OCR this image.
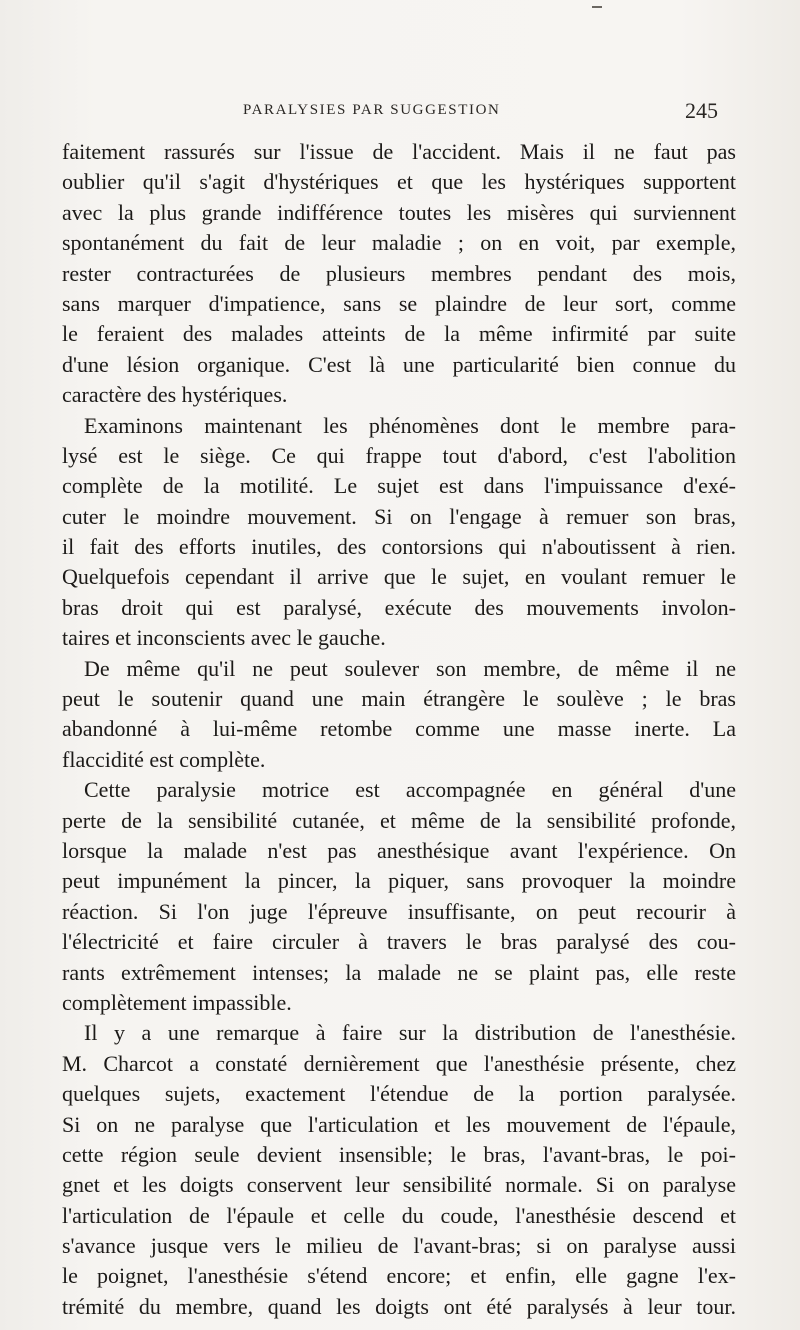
PARALYSIES PAR SUGGESTION	245
faitement rassurés sur l'issue de l'accident. Mais il ne faut pas
oublier qu'il s'agit d'hystériques et que les hystériques supportent
avec la plus grande indifférence toutes les misères qui surviennent
spontanément du fait de leur maladie ; on en voit, par exemple,
rester contracturées de plusieurs membres pendant des mois,
sans marquer d'impatience, sans se plaindre de leur sort, comme
le feraient des malades atteints de la même infirmité par suite
d'une lésion organique. C'est là une particularité bien connue du
caractère des hystériques.
Examinons maintenant les phénomènes dont le membre para-
lysé est le siège. Ce qui frappe tout d'abord, c'est l'abolition
complète de la motilité. Le sujet est dans l'impuissance d'exé-
cuter le moindre mouvement. Si on l'engage à remuer son bras,
il fait des efforts inutiles, des contorsions qui n'aboutissent à rien.
Quelquefois cependant il arrive que le sujet, en voulant remuer le
bras droit qui est paralysé, exécute des mouvements involon-
taires et inconscients avec le gauche.
De même qu'il ne peut soulever son membre, de même il ne
peut le soutenir quand une main étrangère le soulève ; le bras
abandonné à lui-même retombe comme une masse inerte. La
flaccidité est complète.
Cette paralysie motrice est accompagnée en général d'une
perte de la sensibilité cutanée, et même de la sensibilité profonde,
lorsque la malade n'est pas anesthésique avant l'expérience. On
peut impunément la pincer, la piquer, sans provoquer la moindre
réaction. Si l'on juge l'épreuve insuffisante, on peut recourir à
l'électricité et faire circuler à travers le bras paralysé des cou-
rants extrêmement intenses; la malade ne se plaint pas, elle reste
complètement impassible.
Il y a une remarque à faire sur la distribution de l'anesthésie.
M. Charcot a constaté dernièrement que l'anesthésie présente, chez
quelques sujets, exactement l'étendue de la portion paralysée.
Si on ne paralyse que l'articulation et les mouvement de l'épaule,
cette région seule devient insensible; le bras, l'avant-bras, le poi-
gnet et les doigts conservent leur sensibilité normale. Si on paralyse
l'articulation de l'épaule et celle du coude, l'anesthésie descend et
s'avance jusque vers le milieu de l'avant-bras; si on paralyse aussi
le poignet, l'anesthésie s'étend encore; et enfin, elle gagne l'ex-
trémité du membre, quand les doigts ont été paralysés à leur tour.
